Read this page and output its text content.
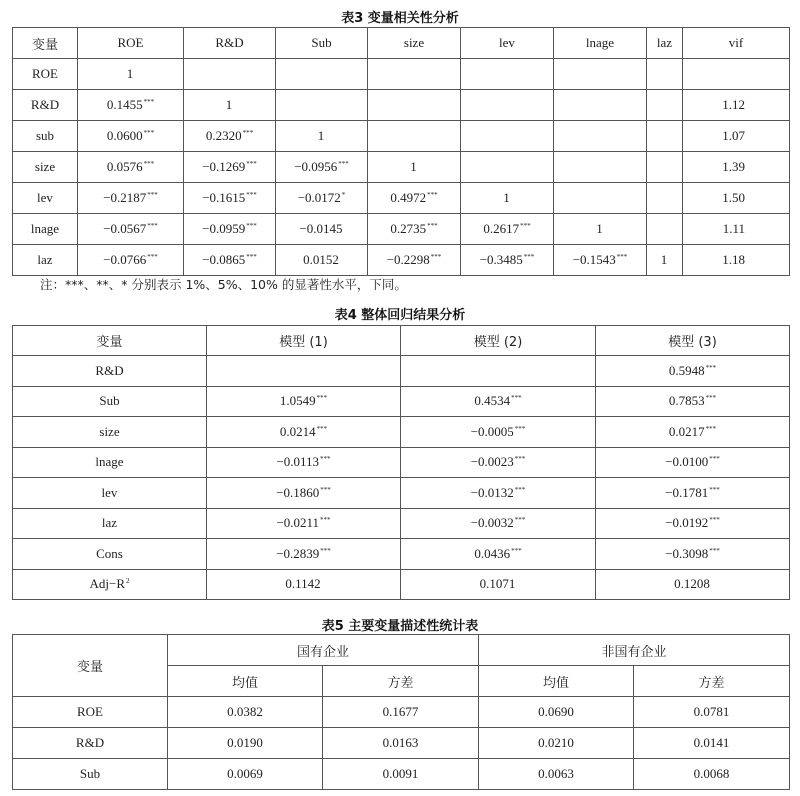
表3 变量相关性分析
变量	ROE	R&D	Sub	size	lev	lnage	laz	vif
ROE	1							
R&D	0.1455***	1						1.12
sub	0.0600***	0.2320***	1					1.07
size	0.0576***	−0.1269***	−0.0956***	1				1.39
lev	−0.2187***	−0.1615***	−0.0172*	0.4972***	1			1.50
lnage	−0.0567***	−0.0959***	−0.0145	0.2735***	0.2617***	1		1.11
laz	−0.0766***	−0.0865***	0.0152	−0.2298***	−0.3485***	−0.1543***	1	1.18
注：***、**、* 分别表示 1%、5%、10% 的显著性水平，下同。
表4 整体回归结果分析
变量	模型 (1)	模型 (2)	模型 (3)
R&D			0.5948***
Sub	1.0549***	0.4534***	0.7853***
size	0.0214***	−0.0005***	0.0217***
lnage	−0.0113***	−0.0023***	−0.0100***
lev	−0.1860***	−0.0132***	−0.1781***
laz	−0.0211***	−0.0032***	−0.0192***
Cons	−0.2839***	0.0436***	−0.3098***
$Adj-R^2$	0.1142	0.1071	0.1208
表5 主要变量描述性统计表
变量	国有企业		非国有企业	
	均值	方差	均值	方差
ROE	0.0382	0.1677	0.0690	0.0781
R&D	0.0190	0.0163	0.0210	0.0141
Sub	0.0069	0.0091	0.0063	0.0068
